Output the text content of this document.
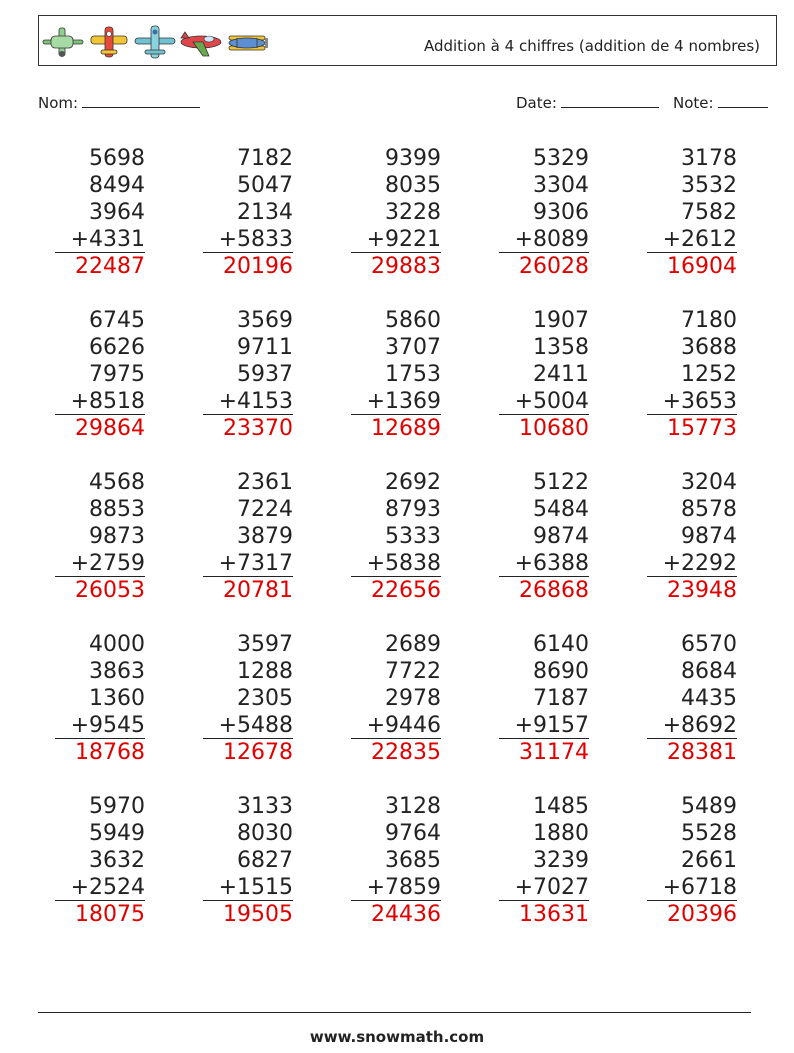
Addition à 4 chiffres (addition de 4 nombres)
Nom:	Date:	Note:
5698
8494
3964
+4331
22487
7182
5047
2134
+5833
20196
9399
8035
3228
+9221
29883
5329
3304
9306
+8089
26028
3178
3532
7582
+2612
16904
6745
6626
7975
+8518
29864
3569
9711
5937
+4153
23370
5860
3707
1753
+1369
12689
1907
1358
2411
+5004
10680
7180
3688
1252
+3653
15773
4568
8853
9873
+2759
26053
2361
7224
3879
+7317
20781
2692
8793
5333
+5838
22656
5122
5484
9874
+6388
26868
3204
8578
9874
+2292
23948
4000
3863
1360
+9545
18768
3597
1288
2305
+5488
12678
2689
7722
2978
+9446
22835
6140
8690
7187
+9157
31174
6570
8684
4435
+8692
28381
5970
5949
3632
+2524
18075
3133
8030
6827
+1515
19505
3128
9764
3685
+7859
24436
1485
1880
3239
+7027
13631
5489
5528
2661
+6718
20396
www.snowmath.com
